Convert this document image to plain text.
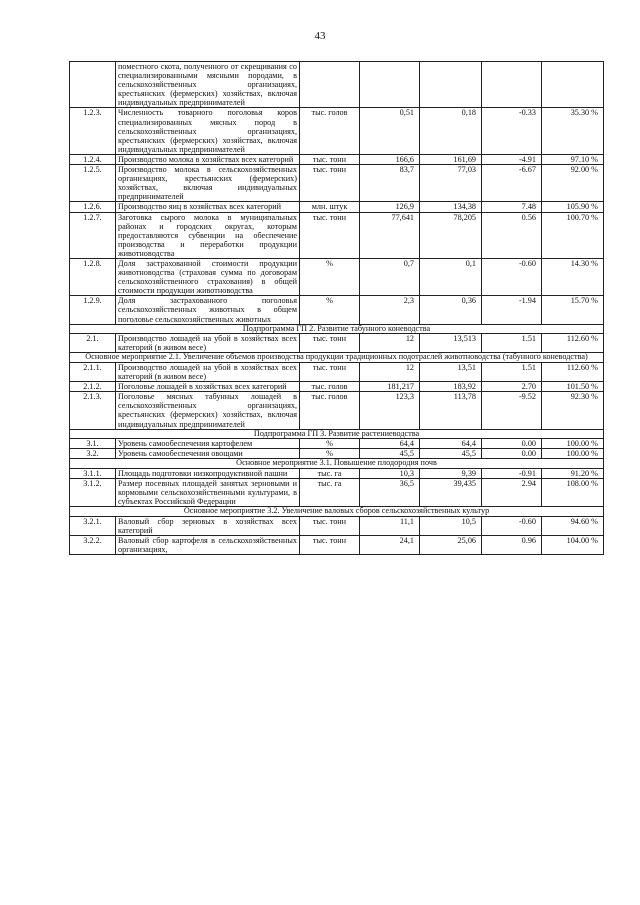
43
	поместного скота, полученного от скрещивания со специализированными мясными породами, в сельскохозяйственных организациях, крестьянских (фермерских) хозяйствах, включая индивидуальных предпринимателей					
1.2.3.	Численность товарного поголовья коров специализированных мясных пород в сельскохозяйственных организациях, крестьянских (фермерских) хозяйствах, включая индивидуальных предпринимателей	тыс. голов	0,51	0,18	-0.33	35.30 %
1.2.4.	Производство молока в хозяйствах всех категорий	тыс. тонн	166,6	161,69	-4.91	97.10 %
1.2.5.	Производство молока в сельскохозяйственных организациях, крестьянских (фермерских) хозяйствах, включая индивидуальных предпринимателей	тыс. тонн	83,7	77,03	-6.67	92.00 %
1.2.6.	Производство яиц в хозяйствах всех категорий	млн. штук	126,9	134,38	7.48	105.90 %
1.2.7.	Заготовка сырого молока в муниципальных районах и городских округах, которым предоставляются субвенции на обеспечение производства и переработки продукции животноводства	тыс. тонн	77,641	78,205	0.56	100.70 %
1.2.8.	Доля застрахованной стоимости продукции животноводства (страховая сумма по договорам сельскохозяйственного страхования) в общей стоимости продукции животноводства	%	0,7	0,1	-0.60	14.30 %
1.2.9.	Доля застрахованного поголовья сельскохозяйственных животных в общем поголовье сельскохозяйственных животных	%	2,3	0,36	-1.94	15.70 %
Подпрограмма ГП 2. Развитие табунного коневодства						
2.1.	Производство лошадей на убой в хозяйствах всех категорий (в живом весе)	тыс. тонн	12	13,513	1.51	112.60 %
Основное мероприятие 2.1. Увеличение объемов производства продукции традиционных подотраслей животноводства (табунного коневодства)						
2.1.1.	Производство лошадей на убой в хозяйствах всех категорий (в живом весе)	тыс. тонн	12	13,51	1.51	112.60 %
2.1.2.	Поголовье лошадей в хозяйствах всех категорий	тыс. голов	181,217	183,92	2.70	101.50 %
2.1.3.	Поголовье мясных табунных лошадей в сельскохозяйственных организациях, крестьянских (фермерских) хозяйствах, включая индивидуальных предпринимателей	тыс. голов	123,3	113,78	-9.52	92.30 %
Подпрограмма ГП 3. Развитие растениеводства						
3.1.	Уровень самообеспечения картофелем	%	64,4	64,4	0.00	100.00 %
3.2.	Уровень самообеспечения овощами	%	45,5	45,5	0.00	100.00 %
Основное мероприятие 3.1. Повышение плодородия почв						
3.1.1.	Площадь подготовки низкопродуктивной пашни	тыс. га	10,3	9,39	-0.91	91.20 %
3.1.2.	Размер посевных площадей занятых зерновыми и кормовыми сельскохозяйственными культурами, в субъектах Российской Федерации	тыс. га	36,5	39,435	2.94	108.00 %
Основное мероприятие 3.2. Увеличение валовых сборов сельскохозяйственных культур						
3.2.1.	Валовый сбор зерновых в хозяйствах всех категорий	тыс. тонн	11,1	10,5	-0.60	94.60 %
3.2.2.	Валовый сбор картофеля в сельскохозяйственных организациях,	тыс. тонн	24,1	25,06	0.96	104.00 %
